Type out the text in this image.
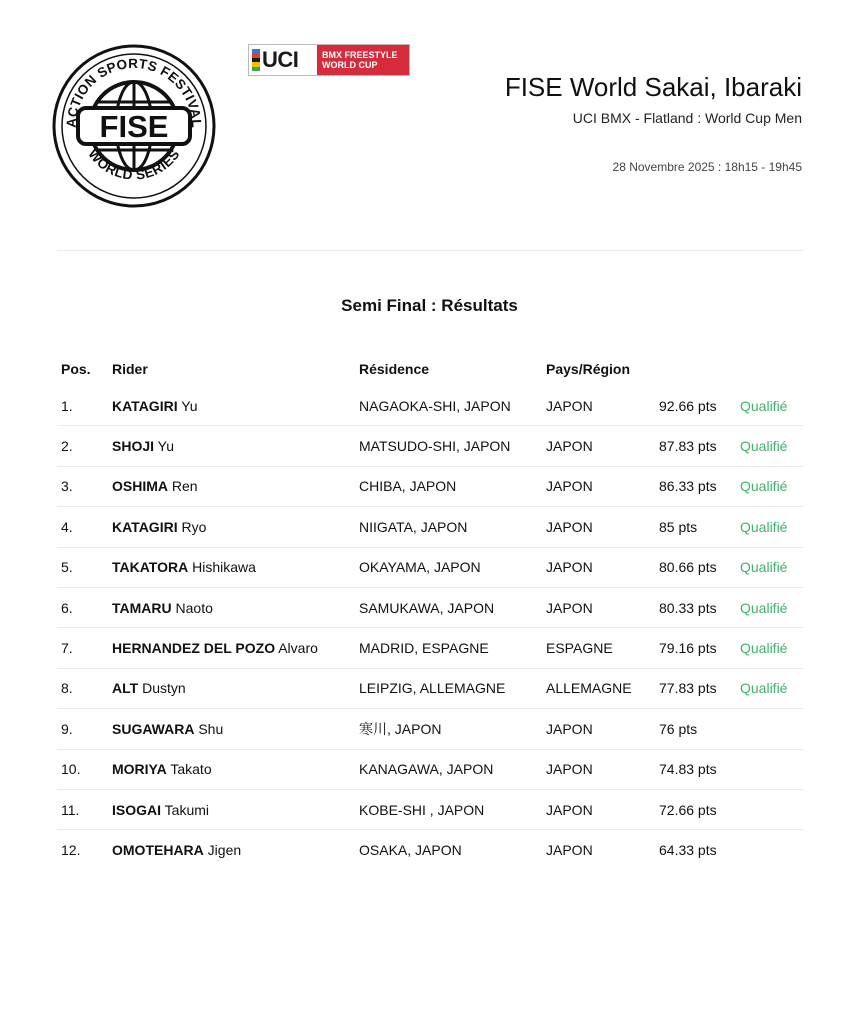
FISE
ACTION SPORTS FESTIVAL
WORLD SERIES
UCI	BMX FREESTYLE
WORLD CUP
FISE World Sakai, Ibaraki
UCI BMX - Flatland : World Cup Men
28 Novembre 2025 : 18h15 - 19h45
Semi Final : Résultats
Pos. Rider	Résidence	Pays/Région
1.	KATAGIRI Yu	NAGAOKA-SHI, JAPON	JAPON	92.66 pts Qualifié
2.	SHOJI Yu	MATSUDO-SHI, JAPON	JAPON	87.83 pts Qualifié
3.	OSHIMA Ren	CHIBA, JAPON	JAPON	86.33 pts Qualifié
4.	KATAGIRI Ryo	NIIGATA, JAPON	JAPON	85 pts	Qualifié
5.	TAKATORA Hishikawa	OKAYAMA, JAPON	JAPON	80.66 pts Qualifié
6.	TAMARU Naoto	SAMUKAWA, JAPON	JAPON	80.33 pts Qualifié
7.	HERNANDEZ DEL POZO Alvaro	MADRID, ESPAGNE	ESPAGNE	79.16 pts Qualifié
8.	ALT Dustyn	LEIPZIG, ALLEMAGNE	ALLEMAGNE 77.83 pts Qualifié
9.	SUGAWARA Shu	寒川, JAPON	JAPON	76 pts
10. MORIYA Takato	KANAGAWA, JAPON	JAPON	74.83 pts
11. ISOGAI Takumi	KOBE-SHI , JAPON	JAPON	72.66 pts
12. OMOTEHARA Jigen	OSAKA, JAPON	JAPON	64.33 pts
